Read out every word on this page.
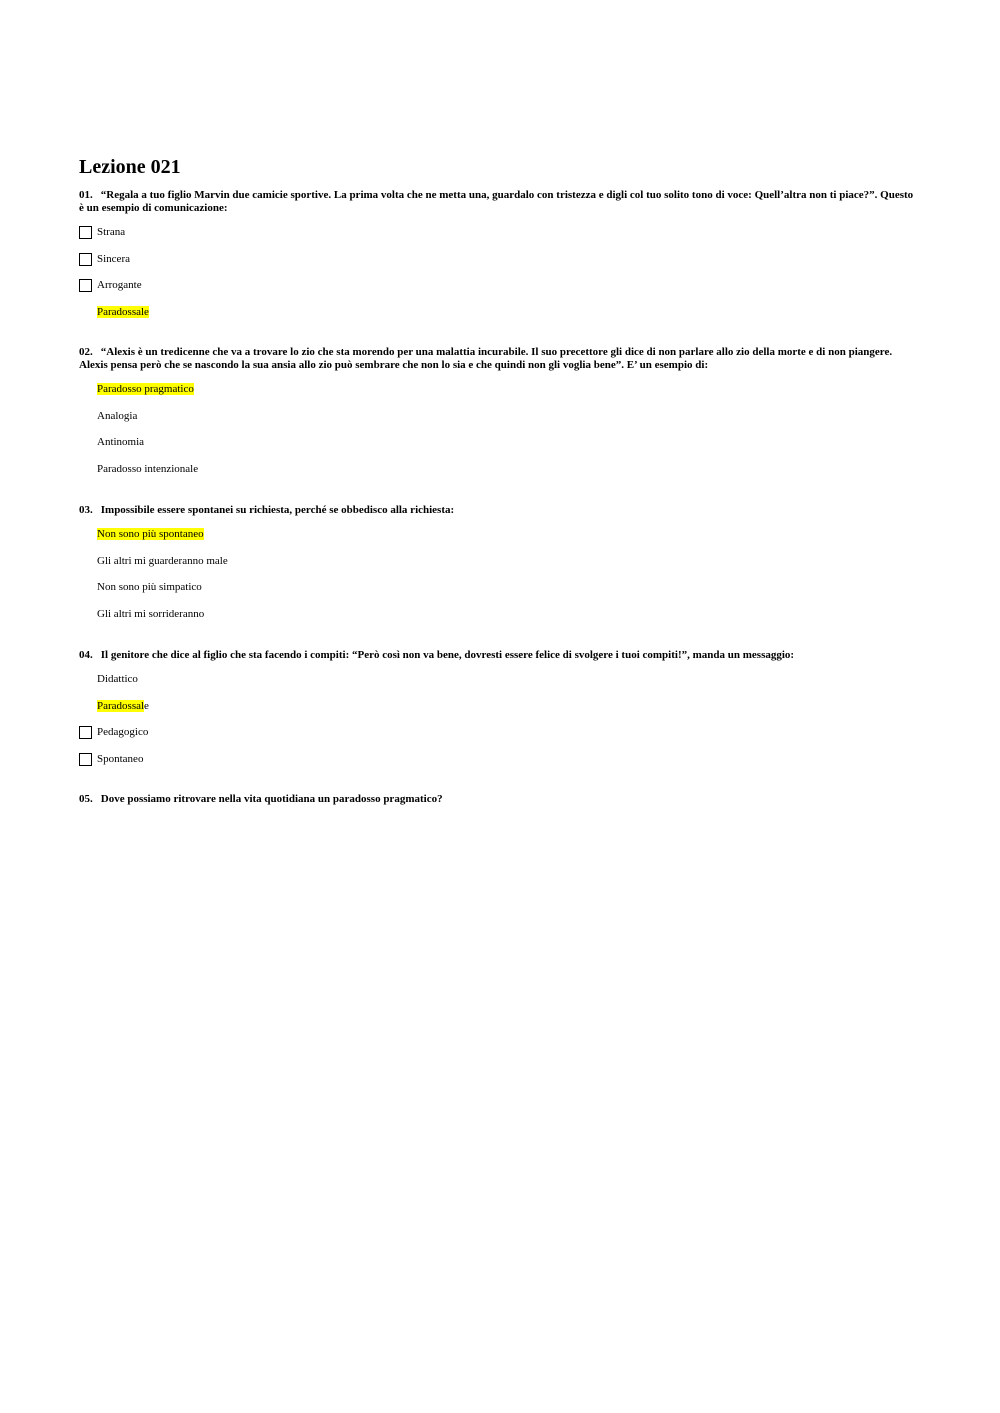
Lezione 021

01. “Regala a tuo figlio Marvin due camicie sportive. La prima volta che ne metta una, guardalo con tristezza e digli col tuo solito tono di voce: Quell’altra non ti piace?”. Questo è un esempio di comunicazione:

Strana
Sincera
Arrogante
Paradossale

02. “Alexis è un tredicenne che va a trovare lo zio che sta morendo per una malattia incurabile. Il suo precettore gli dice di non parlare allo zio della morte e di non piangere. Alexis pensa però che se nascondo la sua ansia allo zio può sembrare che non lo sia e che quindi non gli voglia bene”. E’ un esempio di:

Paradosso pragmatico
Analogia
Antinomia
Paradosso intenzionale

03. Impossibile essere spontanei su richiesta, perché se obbedisco alla richiesta:

Non sono più spontaneo
Gli altri mi guarderanno male
Non sono più simpatico
Gli altri mi sorrideranno

04. Il genitore che dice al figlio che sta facendo i compiti: “Però così non va bene, dovresti essere felice di svolgere i tuoi compiti!”, manda un messaggio:

Didattico
Paradossale
Pedagogico
Spontaneo

05. Dove possiamo ritrovare nella vita quotidiana un paradosso pragmatico?
